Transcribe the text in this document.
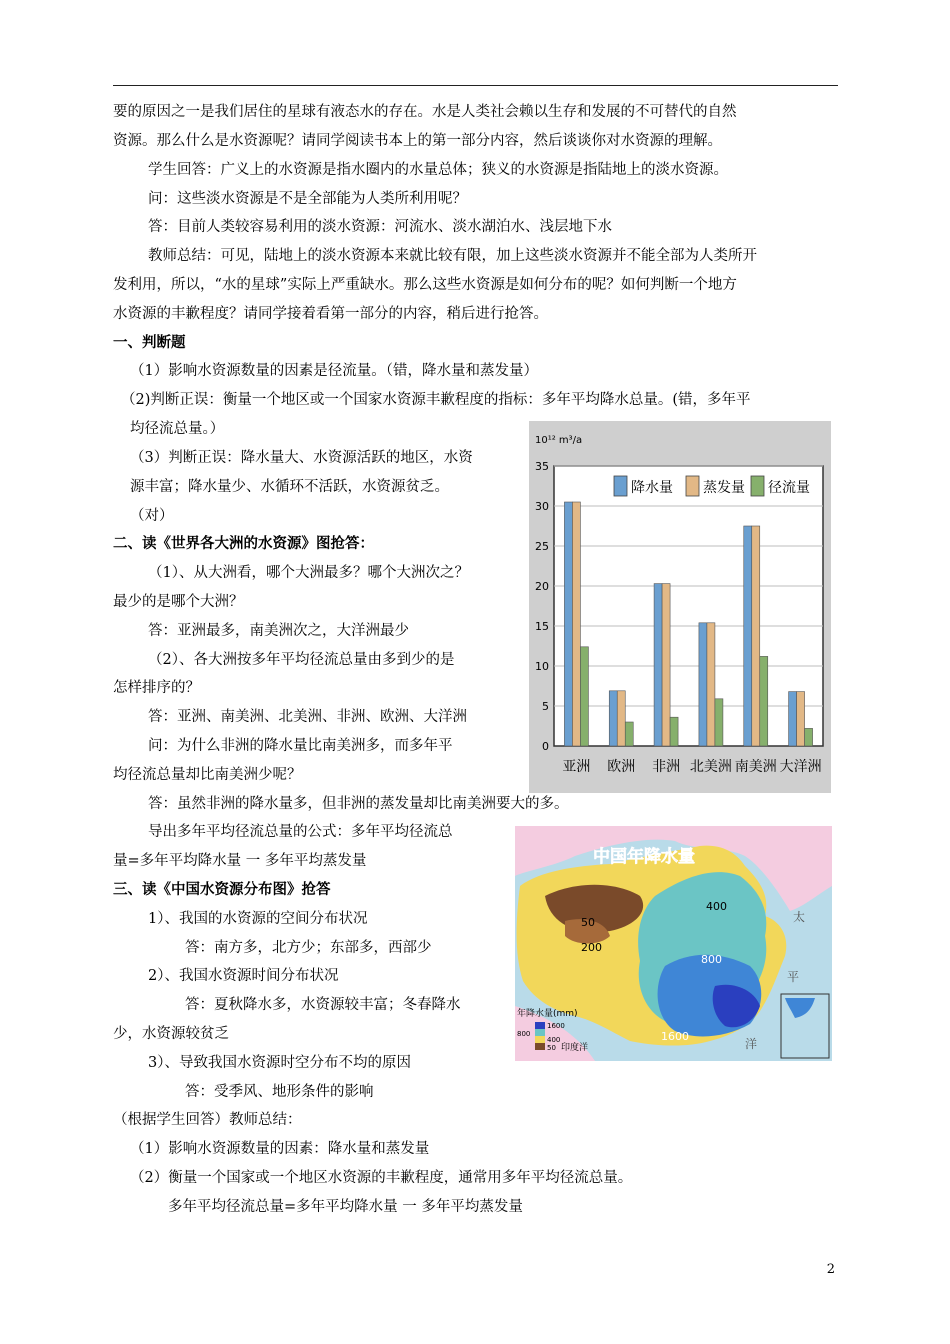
要的原因之一是我们居住的星球有液态水的存在。水是人类社会赖以生存和发展的不可替代的自然
资源。那么什么是水资源呢？请同学阅读书本上的第一部分内容，然后谈谈你对水资源的理解。
学生回答：广义上的水资源是指水圈内的水量总体；狭义的水资源是指陆地上的淡水资源。
问：这些淡水资源是不是全部能为人类所利用呢？
答：目前人类较容易利用的淡水资源：河流水、淡水湖泊水、浅层地下水
教师总结：可见，陆地上的淡水资源本来就比较有限，加上这些淡水资源并不能全部为人类所开
发利用，所以，“水的星球”实际上严重缺水。那么这些水资源是如何分布的呢？如何判断一个地方
水资源的丰歉程度？请同学接着看第一部分的内容，稍后进行抢答。
一、判断题
（1）影响水资源数量的因素是径流量。（错，降水量和蒸发量）
（2)判断正误：衡量一个地区或一个国家水资源丰歉程度的指标：多年平均降水总量。(错，多年平
均径流总量。）
（3）判断正误：降水量大、水资源活跃的地区，水资
源丰富；降水量少、水循环不活跃，水资源贫乏。
（对）
二、读《世界各大洲的水资源》图抢答：
（1）、从大洲看，哪个大洲最多？哪个大洲次之？
最少的是哪个大洲？
答：亚洲最多，南美洲次之，大洋洲最少
（2）、各大洲按多年平均径流总量由多到少的是
怎样排序的？
答：亚洲、南美洲、北美洲、非洲、欧洲、大洋洲
问：为什么非洲的降水量比南美洲多，而多年平
均径流总量却比南美洲少呢？
答：虽然非洲的降水量多，但非洲的蒸发量却比南美洲要大的多。
导出多年平均径流总量的公式：多年平均径流总
量=多年平均降水量 一 多年平均蒸发量
三、读《中国水资源分布图》抢答
1）、我国的水资源的空间分布状况
答：南方多，北方少；东部多，西部少
2）、我国水资源时间分布状况
答：夏秋降水多，水资源较丰富；冬春降水
少，水资源较贫乏
3）、导致我国水资源时空分布不均的原因
答：受季风、地形条件的影响
（根据学生回答）教师总结：
（1）影响水资源数量的因素：降水量和蒸发量
（2）衡量一个国家或一个地区水资源的丰歉程度，通常用多年平均径流总量。
多年平均径流总量=多年平均降水量 一 多年平均蒸发量
10¹² m³/a
0
5
10
15
20
25
30
35
降水量 蒸发量 径流量
亚洲 欧洲 非洲 北美洲 南美洲 大洋洲
中国年降水量
400
50
200
800
1600
太
平
洋
年降水量(mm)
1600
800
400
50 印度洋
2
